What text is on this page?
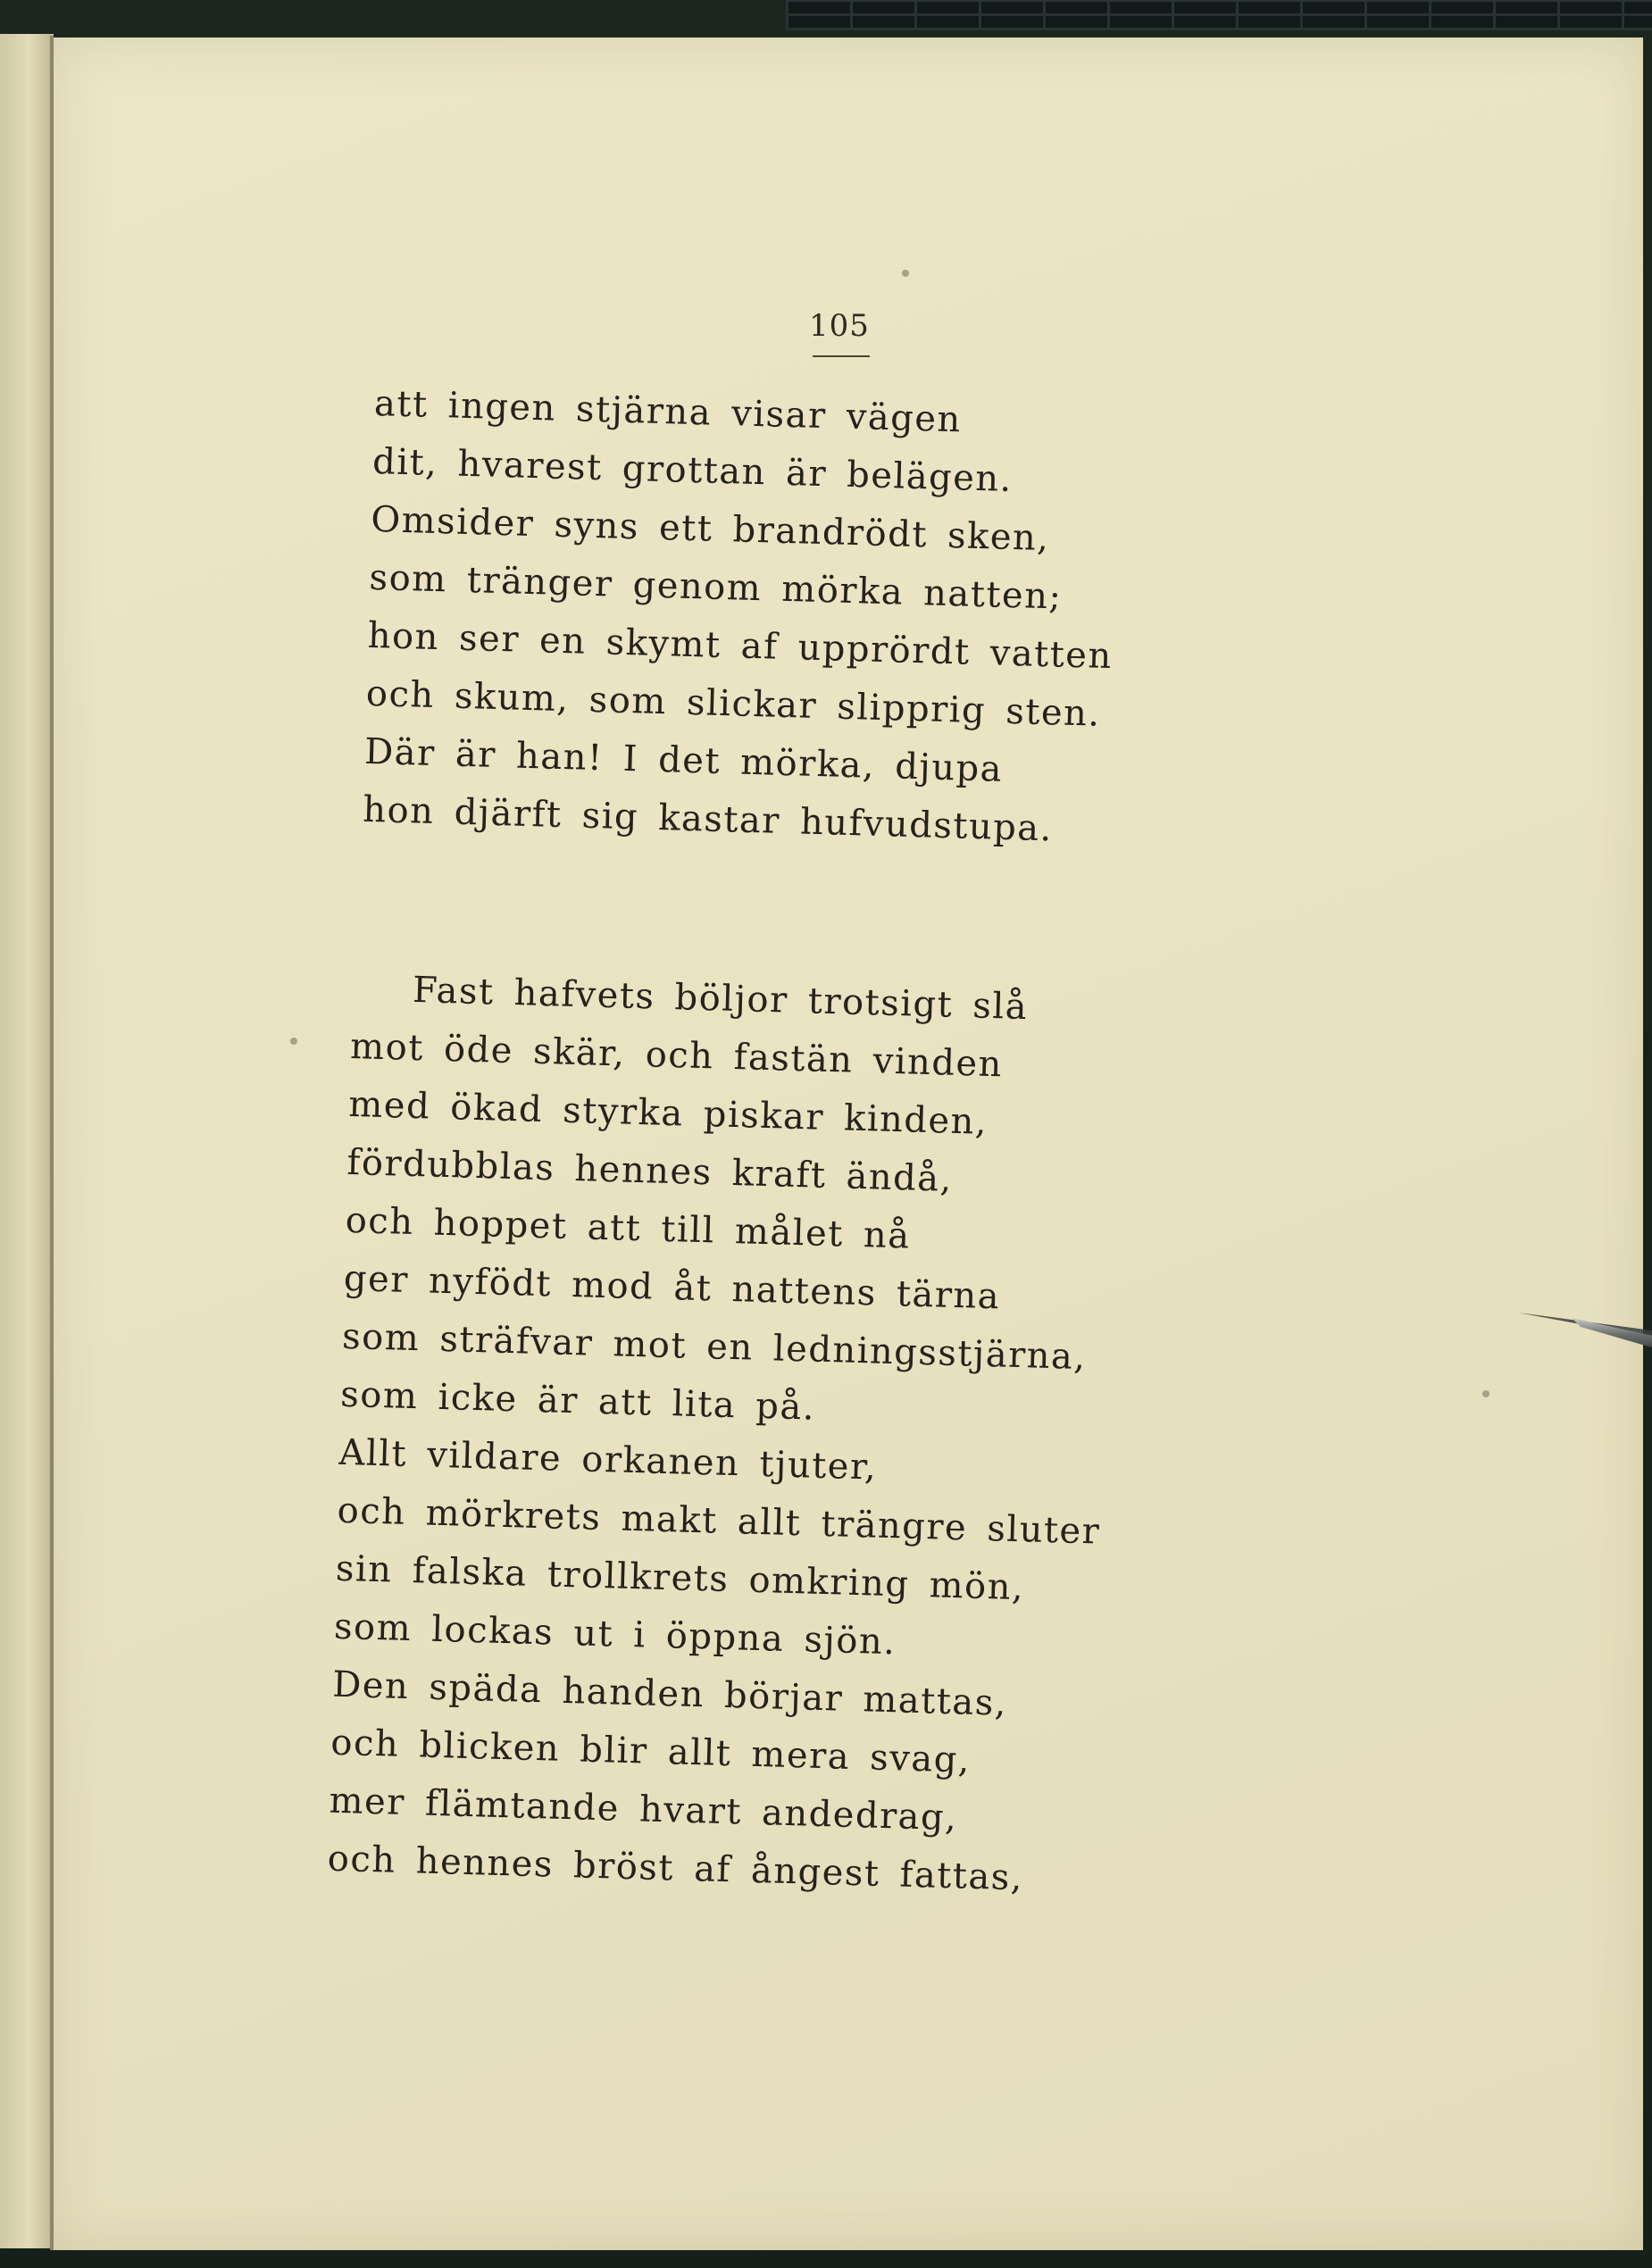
105
att ingen stjärna visar vägen
dit, hvarest grottan är belägen.
Omsider syns ett brandrödt sken,
som tränger genom mörka natten;
hon ser en skymt af upprördt vatten
och skum, som slickar slipprig sten.
Där är han! I det mörka, djupa
hon djärft sig kastar hufvudstupa.
Fast hafvets böljor trotsigt slå
mot öde skär, och fastän vinden
med ökad styrka piskar kinden,
fördubblas hennes kraft ändå,
och hoppet att till målet nå
ger nyfödt mod åt nattens tärna
som sträfvar mot en ledningsstjärna,
som icke är att lita på.
Allt vildare orkanen tjuter,
och mörkrets makt allt trängre sluter
sin falska trollkrets omkring mön,
som lockas ut i öppna sjön.
Den späda handen börjar mattas,
och blicken blir allt mera svag,
mer flämtande hvart andedrag,
och hennes bröst af ångest fattas,
